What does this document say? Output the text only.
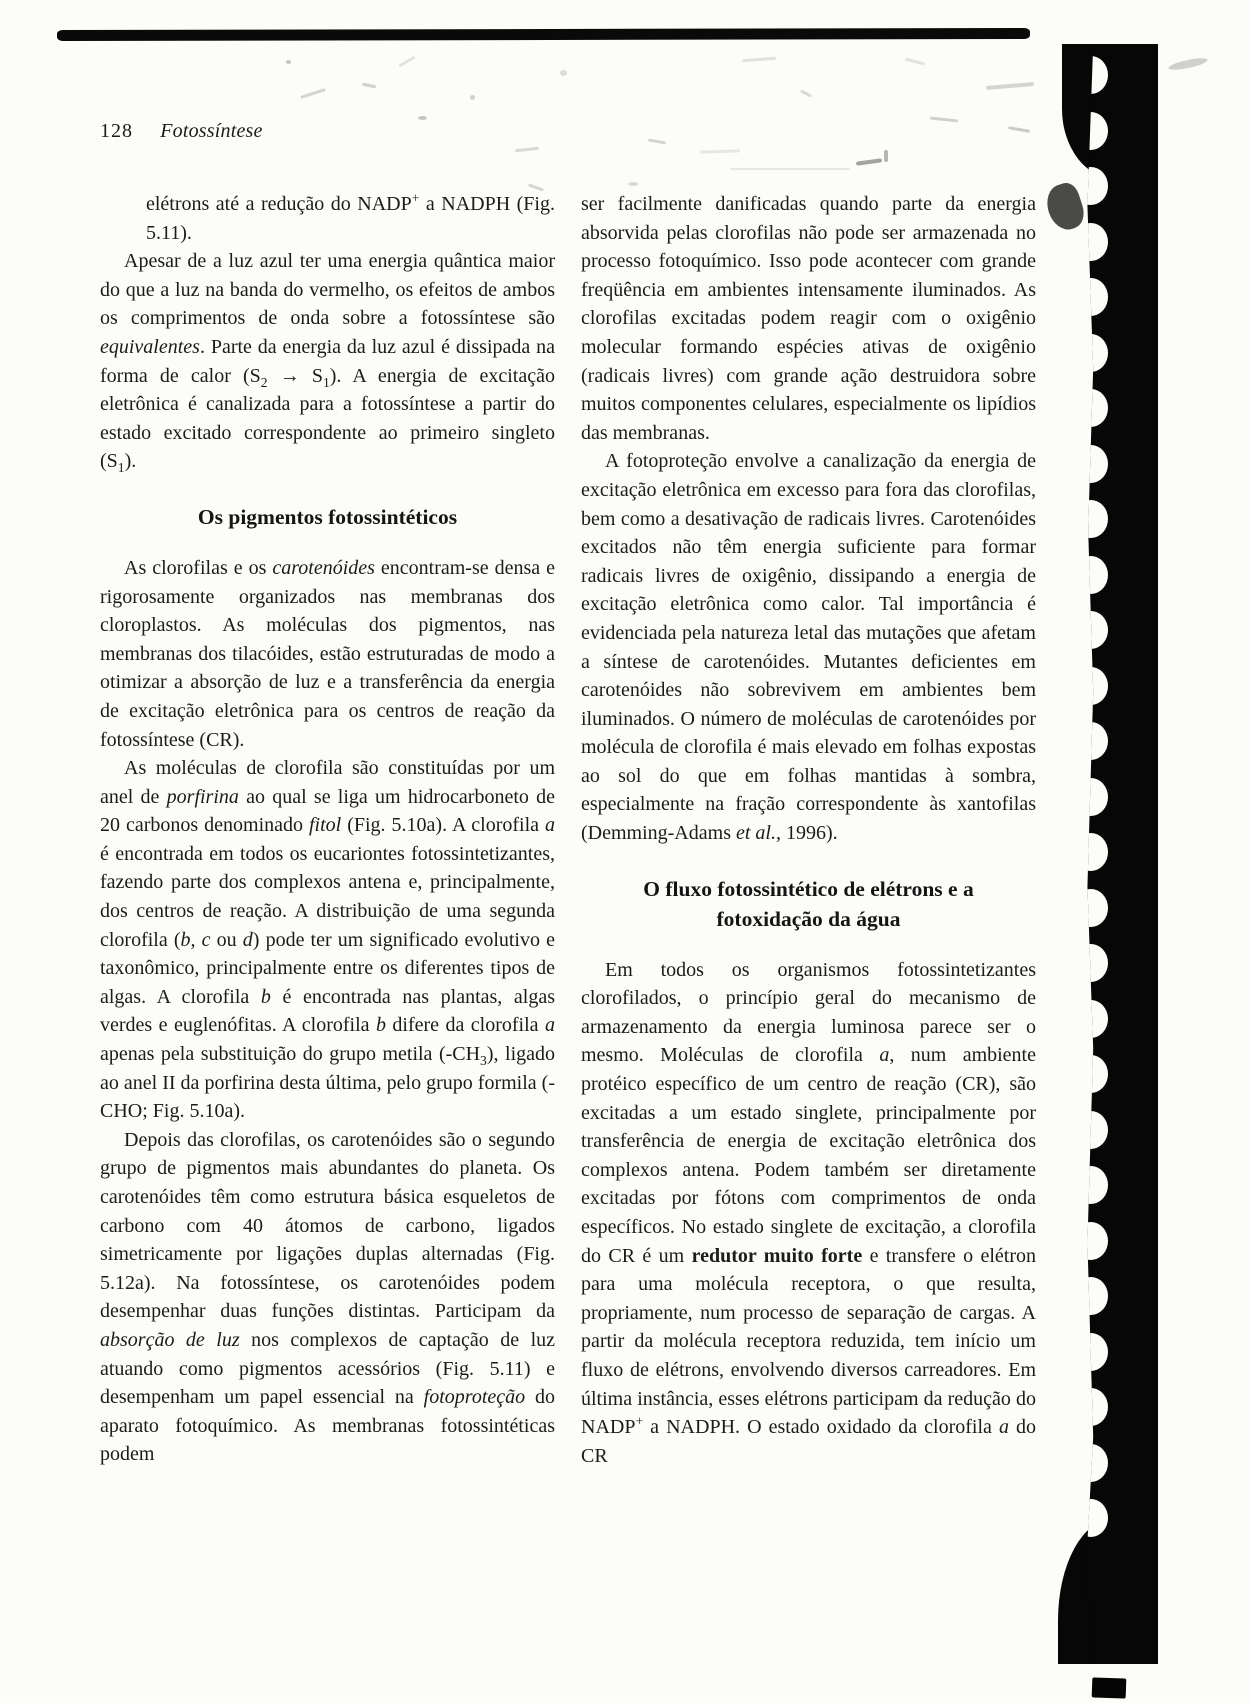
128 Fotossíntese

elétrons até a redução do NADP+ a NADPH (Fig. 5.11).

Apesar de a luz azul ter uma energia quântica maior do que a luz na banda do vermelho, os efeitos de ambos os comprimentos de onda sobre a fotossíntese são equivalentes. Parte da energia da luz azul é dissipada na forma de calor $(S_2 \to S_1)$. A energia de excitação eletrônica é canalizada para a fotossíntese a partir do estado excitado correspondente ao primeiro singleto $(S_1)$.

Os pigmentos fotossintéticos

As clorofilas e os carotenóides encontram-se densa e rigorosamente organizados nas membranas dos cloroplastos. As moléculas dos pigmentos, nas membranas dos tilacóides, estão estruturadas de modo a otimizar a absorção de luz e a transferência da energia de excitação eletrônica para os centros de reação da fotossíntese (CR).

As moléculas de clorofila são constituídas por um anel de porfirina ao qual se liga um hidrocarboneto de 20 carbonos denominado fitol (Fig. 5.10a). A clorofila a é encontrada em todos os eucariontes fotossintetizantes, fazendo parte dos complexos antena e, principalmente, dos centros de reação. A distribuição de uma segunda clorofila (b, c ou d) pode ter um significado evolutivo e taxonômico, principalmente entre os diferentes tipos de algas. A clorofila b é encontrada nas plantas, algas verdes e euglenófitas. A clorofila b difere da clorofila a apenas pela substituição do grupo metila $(-CH_3)$, ligado ao anel II da porfirina desta última, pelo grupo formila (-CHO; Fig. 5.10a).

Depois das clorofilas, os carotenóides são o segundo grupo de pigmentos mais abundantes do planeta. Os carotenóides têm como estrutura básica esqueletos de carbono com 40 átomos de carbono, ligados simetricamente por ligações duplas alternadas (Fig. 5.12a). Na fotossíntese, os carotenóides podem desempenhar duas funções distintas. Participam da absorção de luz nos complexos de captação de luz atuando como pigmentos acessórios (Fig. 5.11) e desempenham um papel essencial na fotoproteção do aparato fotoquímico. As membranas fotossintéticas podem

ser facilmente danificadas quando parte da energia absorvida pelas clorofilas não pode ser armazenada no processo fotoquímico. Isso pode acontecer com grande freqüência em ambientes intensamente iluminados. As clorofilas excitadas podem reagir com o oxigênio molecular formando espécies ativas de oxigênio (radicais livres) com grande ação destruidora sobre muitos componentes celulares, especialmente os lipídios das membranas.

A fotoproteção envolve a canalização da energia de excitação eletrônica em excesso para fora das clorofilas, bem como a desativação de radicais livres. Carotenóides excitados não têm energia suficiente para formar radicais livres de oxigênio, dissipando a energia de excitação eletrônica como calor. Tal importância é evidenciada pela natureza letal das mutações que afetam a síntese de carotenóides. Mutantes deficientes em carotenóides não sobrevivem em ambientes bem iluminados. O número de moléculas de carotenóides por molécula de clorofila é mais elevado em folhas expostas ao sol do que em folhas mantidas à sombra, especialmente na fração correspondente às xantofilas (Demming-Adams et al., 1996).

O fluxo fotossintético de elétrons e a fotoxidação da água

Em todos os organismos fotossintetizantes clorofilados, o princípio geral do mecanismo de armazenamento da energia luminosa parece ser o mesmo. Moléculas de clorofila a, num ambiente protéico específico de um centro de reação (CR), são excitadas a um estado singlete, principalmente por transferência de energia de excitação eletrônica dos complexos antena. Podem também ser diretamente excitadas por fótons com comprimentos de onda específicos. No estado singlete de excitação, a clorofila do CR é um redutor muito forte e transfere o elétron para uma molécula receptora, o que resulta, propriamente, num processo de separação de cargas. A partir da molécula receptora reduzida, tem início um fluxo de elétrons, envolvendo diversos carreadores. Em última instância, esses elétrons participam da redução do NADP+ a NADPH. O estado oxidado da clorofila a do CR
